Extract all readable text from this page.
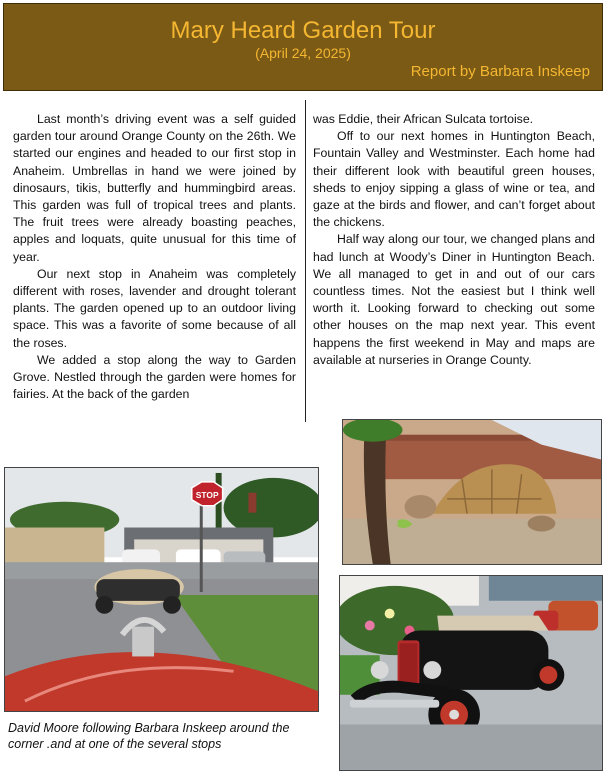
Mary Heard Garden Tour
(April 24, 2025)
Report by Barbara Inskeep

Last month’s driving event was a self guided garden tour around Orange County on the 26th. We started our engines and headed to our first stop in Anaheim. Umbrellas in hand we were joined by dinosaurs, tikis, butterfly and hummingbird areas. This garden was full of tropical trees and plants. The fruit trees were already boasting peaches, apples and loquats, quite unusual for this time of year.

Our next stop in Anaheim was completely different with roses, lavender and drought tolerant plants. The garden opened up to an outdoor living space. This was a favorite of some because of all the roses.

We added a stop along the way to Garden Grove. Nestled through the garden were homes for fairies. At the back of the garden

was Eddie, their African Sulcata tortoise.

Off to our next homes in Huntington Beach, Fountain Valley and Westminster. Each home had their different look with beautiful green houses, sheds to enjoy sipping a glass of wine or tea, and gaze at the birds and flower, and can’t forget about the chickens.

Half way along our tour, we changed plans and had lunch at Woody’s Diner in Huntington Beach. We all managed to get in and out of our cars countless times. Not the easiest but I think well worth it. Looking forward to checking out some other houses on the map next year. This event happens the first weekend in May and maps are available at nurseries in Orange County.

STOP
David Moore following Barbara Inskeep around the corner .and at one of the several stops
